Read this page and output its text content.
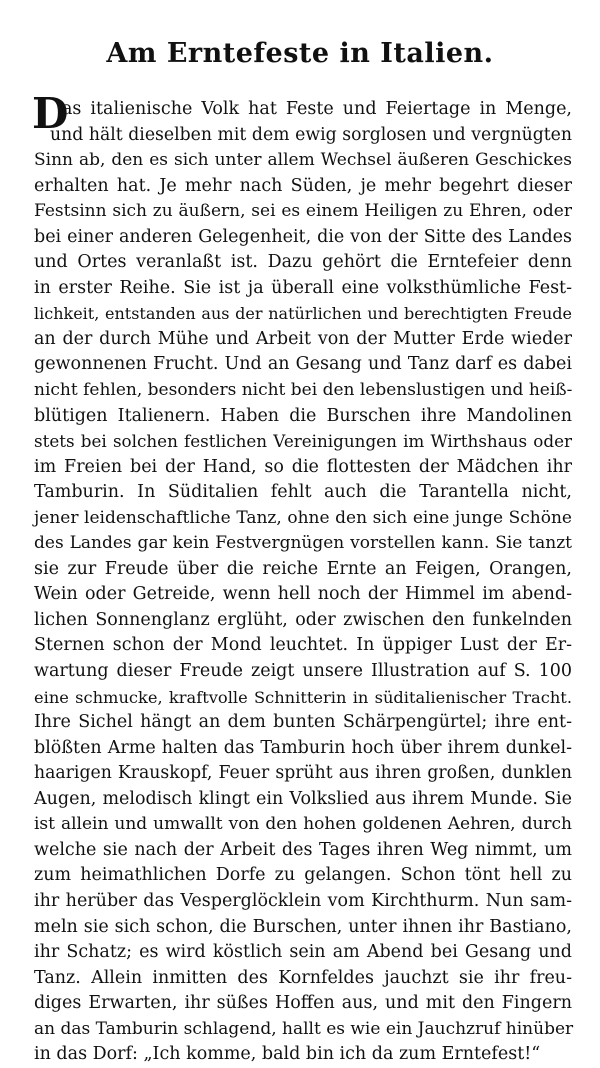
Am Erntefeste in Italien.
D
as italienische Volk hat Feste und Feiertage in Menge,
und hält dieselben mit dem ewig sorglosen und vergnügten
Sinn ab, den es sich unter allem Wechsel äußeren Geschickes
erhalten hat. Je mehr nach Süden, je mehr begehrt dieser
Festsinn sich zu äußern, sei es einem Heiligen zu Ehren, oder
bei einer anderen Gelegenheit, die von der Sitte des Landes
und Ortes veranlaßt ist. Dazu gehört die Erntefeier denn
in erster Reihe. Sie ist ja überall eine volksthümliche Fest-
lichkeit, entstanden aus der natürlichen und berechtigten Freude
an der durch Mühe und Arbeit von der Mutter Erde wieder
gewonnenen Frucht. Und an Gesang und Tanz darf es dabei
nicht fehlen, besonders nicht bei den lebenslustigen und heiß-
blütigen Italienern. Haben die Burschen ihre Mandolinen
stets bei solchen festlichen Vereinigungen im Wirthshaus oder
im Freien bei der Hand, so die flottesten der Mädchen ihr
Tamburin. In Süditalien fehlt auch die Tarantella nicht,
jener leidenschaftliche Tanz, ohne den sich eine junge Schöne
des Landes gar kein Festvergnügen vorstellen kann. Sie tanzt
sie zur Freude über die reiche Ernte an Feigen, Orangen,
Wein oder Getreide, wenn hell noch der Himmel im abend-
lichen Sonnenglanz erglüht, oder zwischen den funkelnden
Sternen schon der Mond leuchtet. In üppiger Lust der Er-
wartung dieser Freude zeigt unsere Illustration auf S. 100
eine schmucke, kraftvolle Schnitterin in süditalienischer Tracht.
Ihre Sichel hängt an dem bunten Schärpengürtel; ihre ent-
blößten Arme halten das Tamburin hoch über ihrem dunkel-
haarigen Krauskopf, Feuer sprüht aus ihren großen, dunklen
Augen, melodisch klingt ein Volkslied aus ihrem Munde. Sie
ist allein und umwallt von den hohen goldenen Aehren, durch
welche sie nach der Arbeit des Tages ihren Weg nimmt, um
zum heimathlichen Dorfe zu gelangen. Schon tönt hell zu
ihr herüber das Vesperglöcklein vom Kirchthurm. Nun sam-
meln sie sich schon, die Burschen, unter ihnen ihr Bastiano,
ihr Schatz; es wird köstlich sein am Abend bei Gesang und
Tanz. Allein inmitten des Kornfeldes jauchzt sie ihr freu-
diges Erwarten, ihr süßes Hoffen aus, und mit den Fingern
an das Tamburin schlagend, hallt es wie ein Jauchzruf hinüber
in das Dorf: „Ich komme, bald bin ich da zum Erntefest!“
